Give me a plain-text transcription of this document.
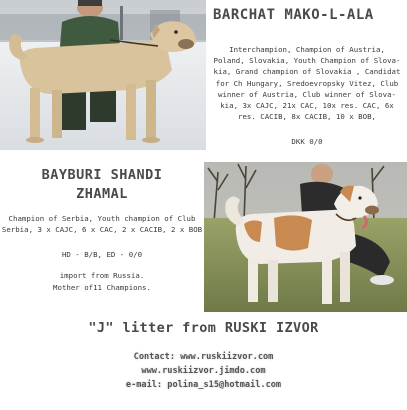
BARCHAT MAKO-L-ALA
Interchampion, Champion of Austria,
Poland, Slovakia, Youth Champion of Slova-
kia, Grand champion of Slovakia , Candidat
for Ch Hungary, Sredoevropsky Vitez, Club
winner of Austria, Club winner of Slova-
kia, 3x CAJC, 21x CAC, 10x res. CAC, 6x
res. CACIB, 8x CACIB, 10 x BOB,
DKK 0/0
BAYBURI SHANDI
ZHAMAL
Champion of Serbia, Youth champion of Club
Serbia, 3 x CAJC, 6 x CAC, 2 x CACIB, 2 x BOB
HD - B/B, ED - 0/0
import from Russia.
Mother of11 Champions.
"J" litter from RUSKI IZVOR
Contact: www.ruskiizvor.com
www.ruskiizvor.jimdo.com
e-mail: polina_s15@hotmail.com
